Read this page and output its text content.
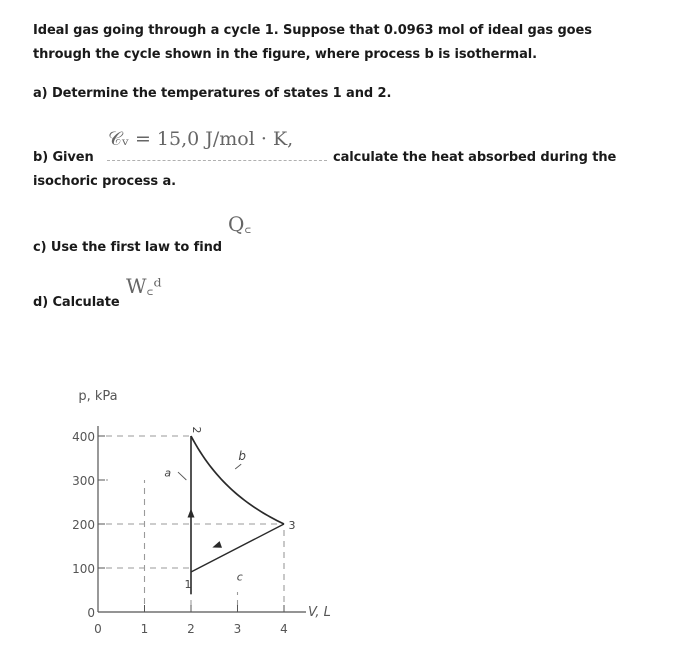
Ideal gas going through a cycle 1. Suppose that 0.0963 mol of ideal gas goes
through the cycle shown in the figure, where process b is isothermal.
a) Determine the temperatures of states 1 and 2.
𝒞ᵥ = 15,0 J/mol · K,
b) Given	calculate the heat absorbed during the
isochoric process a.
Q꜀
c) Use the first law to find
W꜀ᵈ
d) Calculate
0
100
200
300
400
0	1	2	3	4
p, kPa
V, L
2
3
1
a
b
c
